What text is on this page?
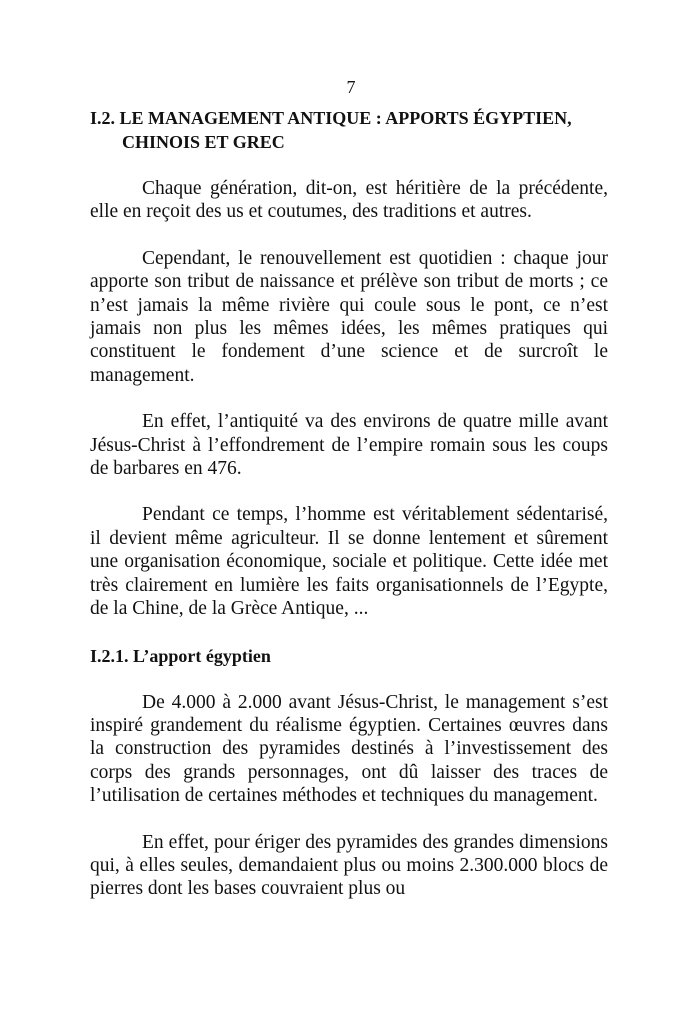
7
I.2. LE MANAGEMENT ANTIQUE : APPORTS ÉGYPTIEN, CHINOIS ET GREC

Chaque génération, dit-on, est héritière de la précédente, elle en reçoit des us et coutumes, des traditions et autres.

Cependant, le renouvellement est quotidien : chaque jour apporte son tribut de naissance et prélève son tribut de morts ; ce n’est jamais la même rivière qui coule sous le pont, ce n’est jamais non plus les mêmes idées, les mêmes pratiques qui constituent le fondement d’une science et de surcroît le management.

En effet, l’antiquité va des environs de quatre mille avant Jésus-Christ à l’effondrement de l’empire romain sous les coups de barbares en 476.

Pendant ce temps, l’homme est véritablement sédentarisé, il devient même agriculteur. Il se donne lentement et sûrement une organisation économique, sociale et politique. Cette idée met très clairement en lumière les faits organisationnels de l’Egypte, de la Chine, de la Grèce Antique, ...

I.2.1. L’apport égyptien

De 4.000 à 2.000 avant Jésus-Christ, le management s’est inspiré grandement du réalisme égyptien. Certaines œuvres dans la construction des pyramides destinés à l’investissement des corps des grands personnages, ont dû laisser des traces de l’utilisation de certaines méthodes et techniques du management.

En effet, pour ériger des pyramides des grandes dimensions qui, à elles seules, demandaient plus ou moins 2.300.000 blocs de pierres dont les bases couvraient plus ou
